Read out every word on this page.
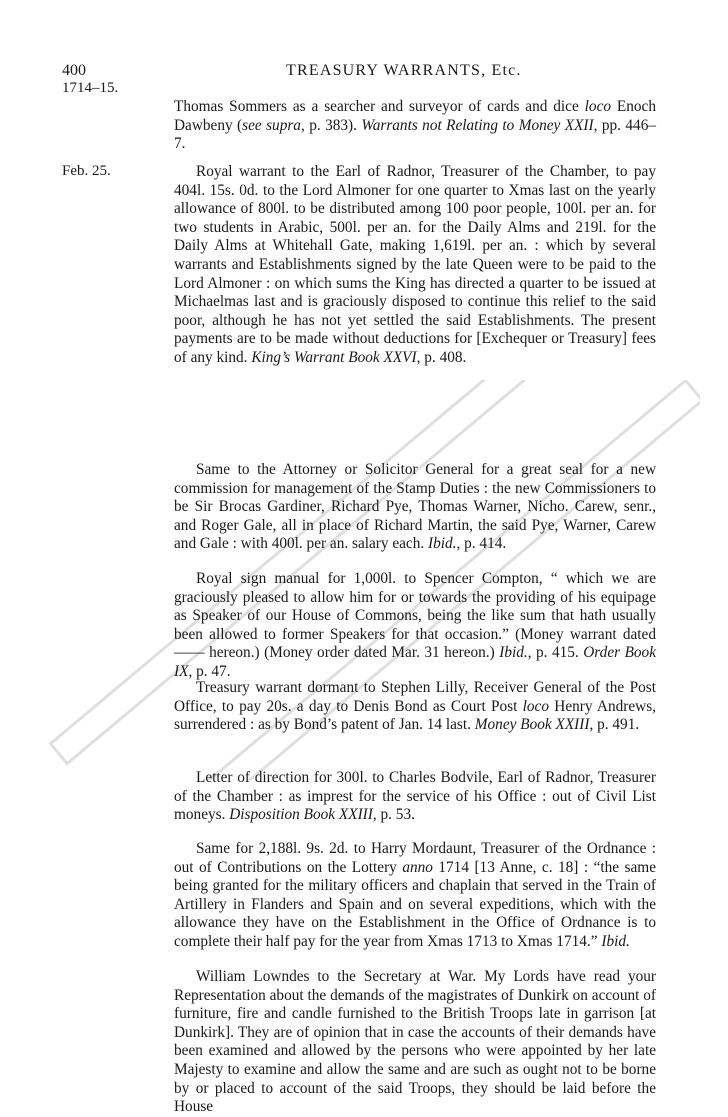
400
1714–15.
TREASURY WARRANTS, Etc.

Thomas Sommers as a searcher and surveyor of cards and dice loco Enoch Dawbeny (see supra, p. 383). Warrants not Relating to Money XXII, pp. 446–7.

Feb. 25.	Royal warrant to the Earl of Radnor, Treasurer of the Chamber, to pay 404l. 15s. 0d. to the Lord Almoner for one quarter to Xmas last on the yearly allowance of 800l. to be distributed among 100 poor people, 100l. per an. for two students in Arabic, 500l. per an. for the Daily Alms and 219l. for the Daily Alms at Whitehall Gate, making 1,619l. per an. : which by several warrants and Establishments signed by the late Queen were to be paid to the Lord Almoner : on which sums the King has directed a quarter to be issued at Michaelmas last and is graciously disposed to continue this relief to the said poor, although he has not yet settled the said Establishments. The present payments are to be made without deductions for [Exchequer or Treasury] fees of any kind. King’s Warrant Book XXVI, p. 408.

Same to the Attorney or Solicitor General for a great seal for a new commission for management of the Stamp Duties : the new Commissioners to be Sir Brocas Gardiner, Richard Pye, Thomas Warner, Nicho. Carew, senr., and Roger Gale, all in place of Richard Martin, the said Pye, Warner, Carew and Gale : with 400l. per an. salary each. Ibid., p. 414.

Royal sign manual for 1,000l. to Spencer Compton, “ which we are graciously pleased to allow him for or towards the providing of his equipage as Speaker of our House of Commons, being the like sum that hath usually been allowed to former Speakers for that occasion.” (Money warrant dated —— hereon.) (Money order dated Mar. 31 hereon.) Ibid., p. 415. Order Book IX, p. 47.

Treasury warrant dormant to Stephen Lilly, Receiver General of the Post Office, to pay 20s. a day to Denis Bond as Court Post loco Henry Andrews, surrendered : as by Bond’s patent of Jan. 14 last. Money Book XXIII, p. 491.

Letter of direction for 300l. to Charles Bodvile, Earl of Radnor, Treasurer of the Chamber : as imprest for the service of his Office : out of Civil List moneys. Disposition Book XXIII, p. 53.

Same for 2,188l. 9s. 2d. to Harry Mordaunt, Treasurer of the Ordnance : out of Contributions on the Lottery anno 1714 [13 Anne, c. 18] : “the same being granted for the military officers and chaplain that served in the Train of Artillery in Flanders and Spain and on several expeditions, which with the allowance they have on the Establishment in the Office of Ordnance is to complete their half pay for the year from Xmas 1713 to Xmas 1714.” Ibid.

William Lowndes to the Secretary at War. My Lords have read your Representation about the demands of the magistrates of Dunkirk on account of furniture, fire and candle furnished to the British Troops late in garrison [at Dunkirk]. They are of opinion that in case the accounts of their demands have been examined and allowed by the persons who were appointed by her late Majesty to examine and allow the same and are such as ought not to be borne by or placed to account of the said Troops, they should be laid before the House
